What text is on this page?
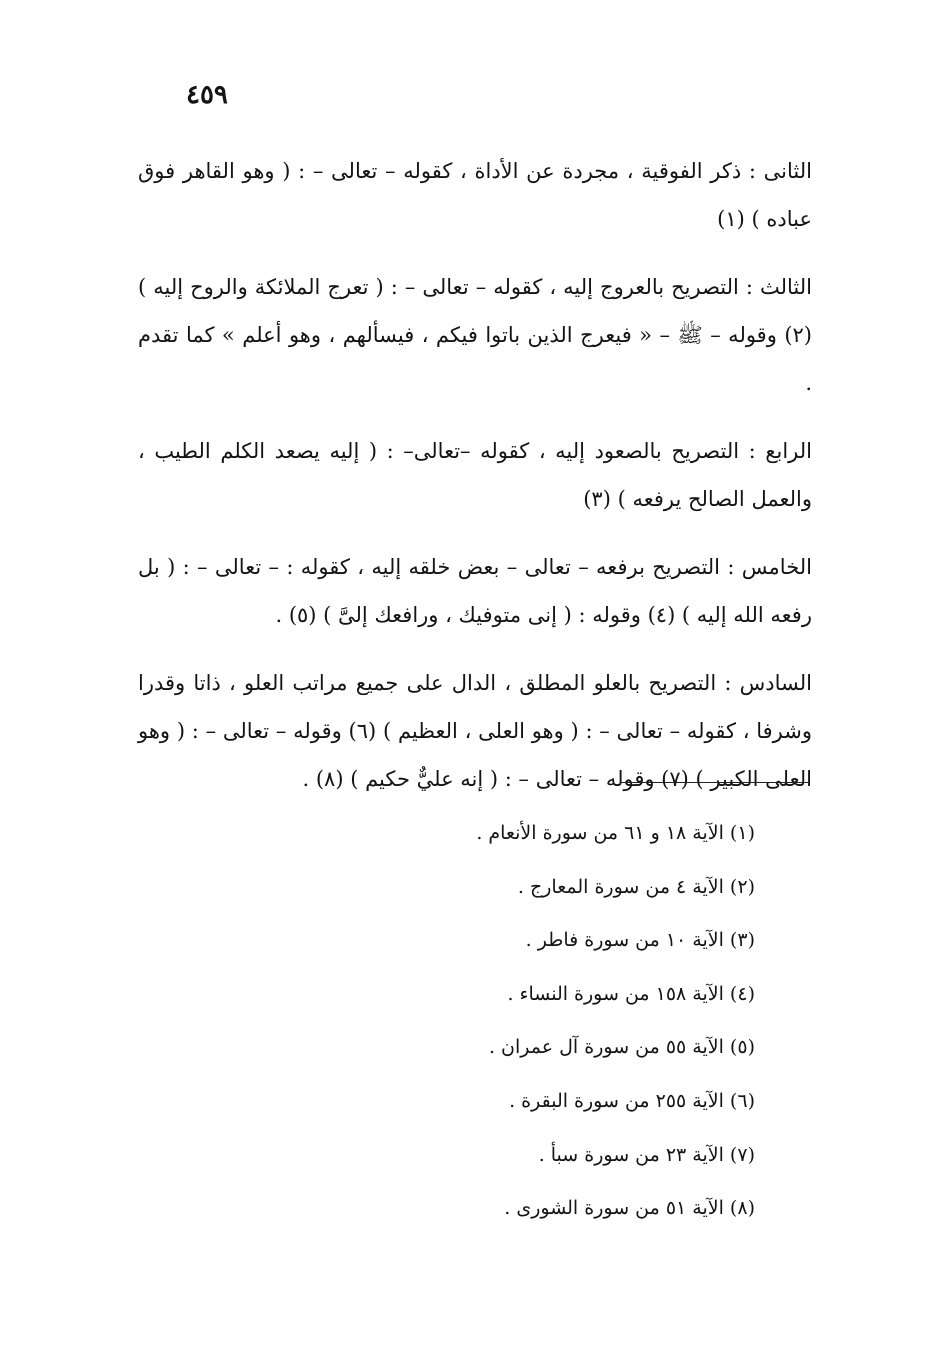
٤٥٩

الثانى : ذكر الفوقية ، مجردة عن الأداة ، كقوله – تعالى – : ( وهو القاهر فوق عباده ) (١)

الثالث : التصريح بالعروج إليه ، كقوله – تعالى – : ( تعرج الملائكة والروح إليه ) (٢) وقوله – ﷺ – « فيعرج الذين باتوا فيكم ، فيسألهم ، وهو أعلم » كما تقدم .

الرابع : التصريح بالصعود إليه ، كقوله –تعالى– : ( إليه يصعد الكلم الطيب ، والعمل الصالح يرفعه ) (٣)

الخامس : التصريح برفعه – تعالى – بعض خلقه إليه ، كقوله : – تعالى – : ( بل رفعه الله إليه ) (٤) وقوله : ( إنى متوفيك ، ورافعك إلىَّ ) (٥) .

السادس : التصريح بالعلو المطلق ، الدال على جميع مراتب العلو ، ذاتا وقدرا وشرفا ، كقوله – تعالى – : ( وهو العلى ، العظيم ) (٦) وقوله – تعالى – : ( وهو العلى الكبير ) (٧) وقوله – تعالى – : ( إنه عليٌّ حكيم ) (٨) .

(١) الآية ١٨ و ٦١ من سورة الأنعام .
(٢) الآية ٤ من سورة المعارج .
(٣) الآية ١٠ من سورة فاطر .
(٤) الآية ١٥٨ من سورة النساء .
(٥) الآية ٥٥ من سورة آل عمران .
(٦) الآية ٢٥٥ من سورة البقرة .
(٧) الآية ٢٣ من سورة سبأ .
(٨) الآية ٥١ من سورة الشورى .
